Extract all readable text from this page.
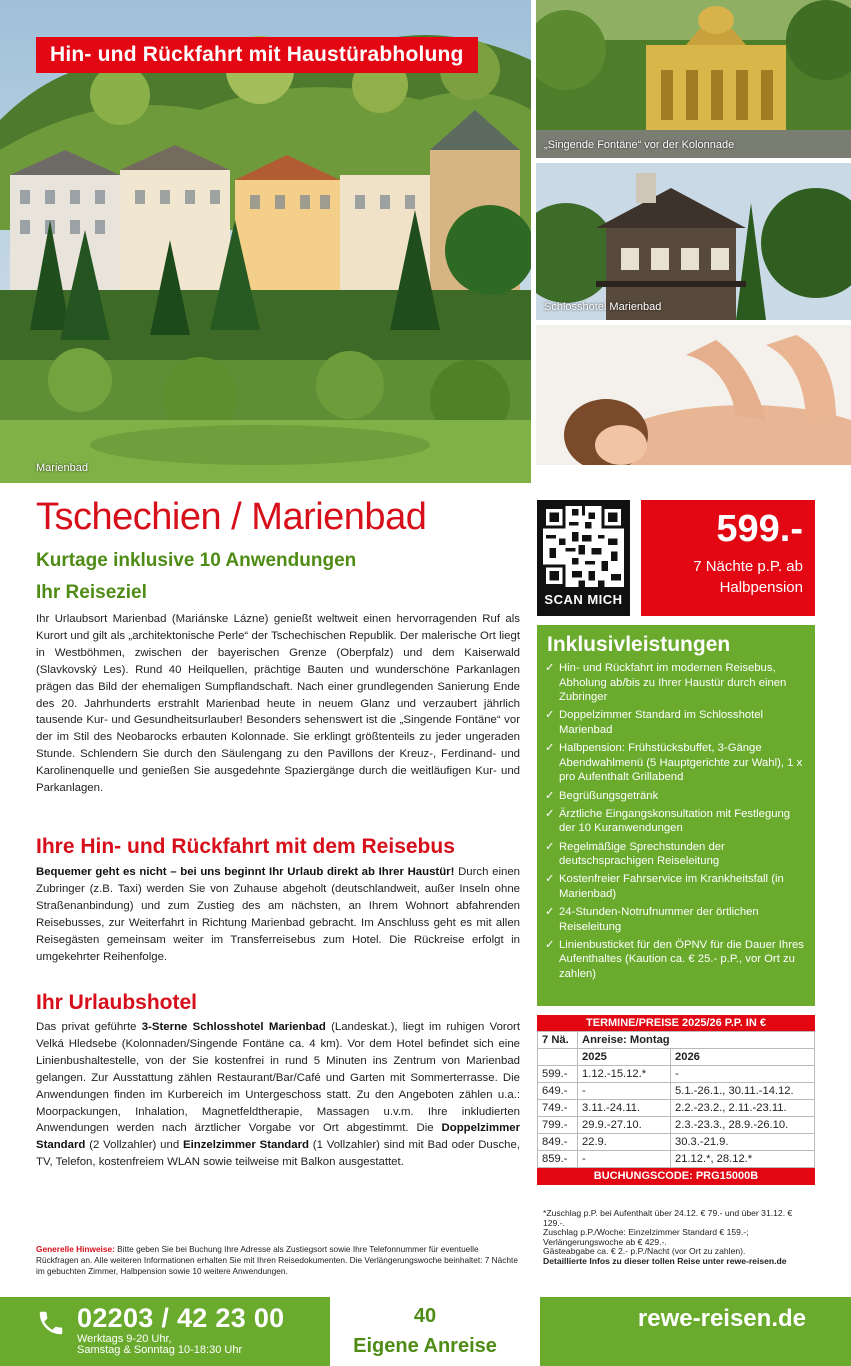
Marienbad
Hin- und Rückfahrt mit Haustürabholung
„Singende Fontäne“ vor der Kolonnade
Schlosshotel Marienbad
Tschechien / Marienbad
Kurtage inklusive 10 Anwendungen
Ihr Reiseziel
Ihr Urlaubsort Marienbad (Mariánske Lázne) genießt weltweit einen hervorragenden Ruf als Kurort und gilt als „architektonische Perle“ der Tschechischen Republik. Der malerische Ort liegt in Westböhmen, zwischen der bayerischen Grenze (Oberpfalz) und dem Kaiserwald (Slavkovský Les). Rund 40 Heilquellen, prächtige Bauten und wunderschöne Parkanlagen prägen das Bild der ehemaligen Sumpflandschaft. Nach einer grundlegenden Sanierung Ende des 20. Jahrhunderts erstrahlt Marienbad heute in neuem Glanz und verzaubert jährlich tausende Kur- und Gesundheitsurlauber! Besonders sehenswert ist die „Singende Fontäne“ vor der im Stil des Neobarocks erbauten Kolonnade. Sie erklingt größtenteils zu jeder ungeraden Stunde. Schlendern Sie durch den Säulengang zu den Pavillons der Kreuz-, Ferdinand- und Karolinenquelle und genießen Sie ausgedehnte Spaziergänge durch die weitläufigen Kur- und Parkanlagen.
Ihre Hin- und Rückfahrt mit dem Reisebus
Bequemer geht es nicht – bei uns beginnt Ihr Urlaub direkt ab Ihrer Haustür! Durch einen Zubringer (z.B. Taxi) werden Sie von Zuhause abgeholt (deutschlandweit, außer Inseln ohne Straßenanbindung) und zum Zustieg des am nächsten, an Ihrem Wohnort abfahrenden Reisebusses, zur Weiterfahrt in Richtung Marienbad gebracht. Im Anschluss geht es mit allen Reisegästen gemeinsam weiter im Transferreisebus zum Hotel. Die Rückreise erfolgt in umgekehrter Reihenfolge.
Ihr Urlaubshotel
Das privat geführte 3-Sterne Schlosshotel Marienbad (Landeskat.), liegt im ruhigen Vorort Velká Hledsebe (Kolonnaden/Singende Fontäne ca. 4 km). Vor dem Hotel befindet sich eine Linienbushaltestelle, von der Sie kostenfrei in rund 5 Minuten ins Zentrum von Marienbad gelangen. Zur Ausstattung zählen Restaurant/Bar/Café und Garten mit Sommerterrasse. Die Anwendungen finden im Kurbereich im Untergeschoss statt. Zu den Angeboten zählen u.a.: Moorpackungen, Inhalation, Magnetfeldtherapie, Massagen u.v.m. Ihre inkludierten Anwendungen werden nach ärztlicher Vorgabe vor Ort abgestimmt. Die Doppelzimmer Standard (2 Vollzahler) und Einzelzimmer Standard (1 Vollzahler) sind mit Bad oder Dusche, TV, Telefon, kostenfreiem WLAN sowie teilweise mit Balkon ausgestattet.
Generelle Hinweise: Bitte geben Sie bei Buchung Ihre Adresse als Zustiegsort sowie Ihre Telefonnummer für eventuelle Rückfragen an. Alle weiteren Informationen erhalten Sie mit Ihren Reisedokumenten. Die Verlängerungswoche beinhaltet: 7 Nächte im gebuchten Zimmer, Halbpension sowie 10 weitere Anwendungen.
SCAN MICH
599.-
7 Nächte p.P. ab
Halbpension
Inklusivleistungen
✓ Hin- und Rückfahrt im modernen Reisebus, Abholung ab/bis zu Ihrer Haustür durch einen Zubringer
✓ Doppelzimmer Standard im Schlosshotel Marienbad
✓ Halbpension: Frühstücksbuffet, 3-Gänge Abendwahlmenü (5 Hauptgerichte zur Wahl), 1 x pro Aufenthalt Grillabend
✓ Begrüßungsgetränk
✓ Ärztliche Eingangskonsultation mit Festlegung der 10 Kuranwendungen
✓ Regelmäßige Sprechstunden der deutschsprachigen Reiseleitung
✓ Kostenfreier Fahrservice im Krankheitsfall (in Marienbad)
✓ 24-Stunden-Notrufnummer der örtlichen Reiseleitung
✓ Linienbusticket für den ÖPNV für die Dauer Ihres Aufenthaltes (Kaution ca. € 25.- p.P., vor Ort zu zahlen)
TERMINE/PREISE 2025/26 P.P. IN €
7 Nä.	Anreise: Montag	
	2025	2026
599.-	1.12.-15.12.*	-
649.-	-	5.1.-26.1., 30.11.-14.12.
749.-	3.11.-24.11.	2.2.-23.2., 2.11.-23.11.
799.-	29.9.-27.10.	2.3.-23.3., 28.9.-26.10.
849.-	22.9.	30.3.-21.9.
859.-	-	21.12.*, 28.12.*
BUCHUNGSCODE: PRG15000B
*Zuschlag p.P. bei Aufenthalt über 24.12. € 79.- und über 31.12. € 129.-.
Zuschlag p.P./Woche: Einzelzimmer Standard € 159.-;
Verlängerungswoche ab € 429.-.
Gästeabgabe ca. € 2.- p.P./Nacht (vor Ort zu zahlen).
Detaillierte Infos zu dieser tollen Reise unter rewe-reisen.de
02203 / 42 23 00
Werktags 9-20 Uhr,
Samstag & Sonntag 10-18:30 Uhr
40
Eigene Anreise
rewe-reisen.de
